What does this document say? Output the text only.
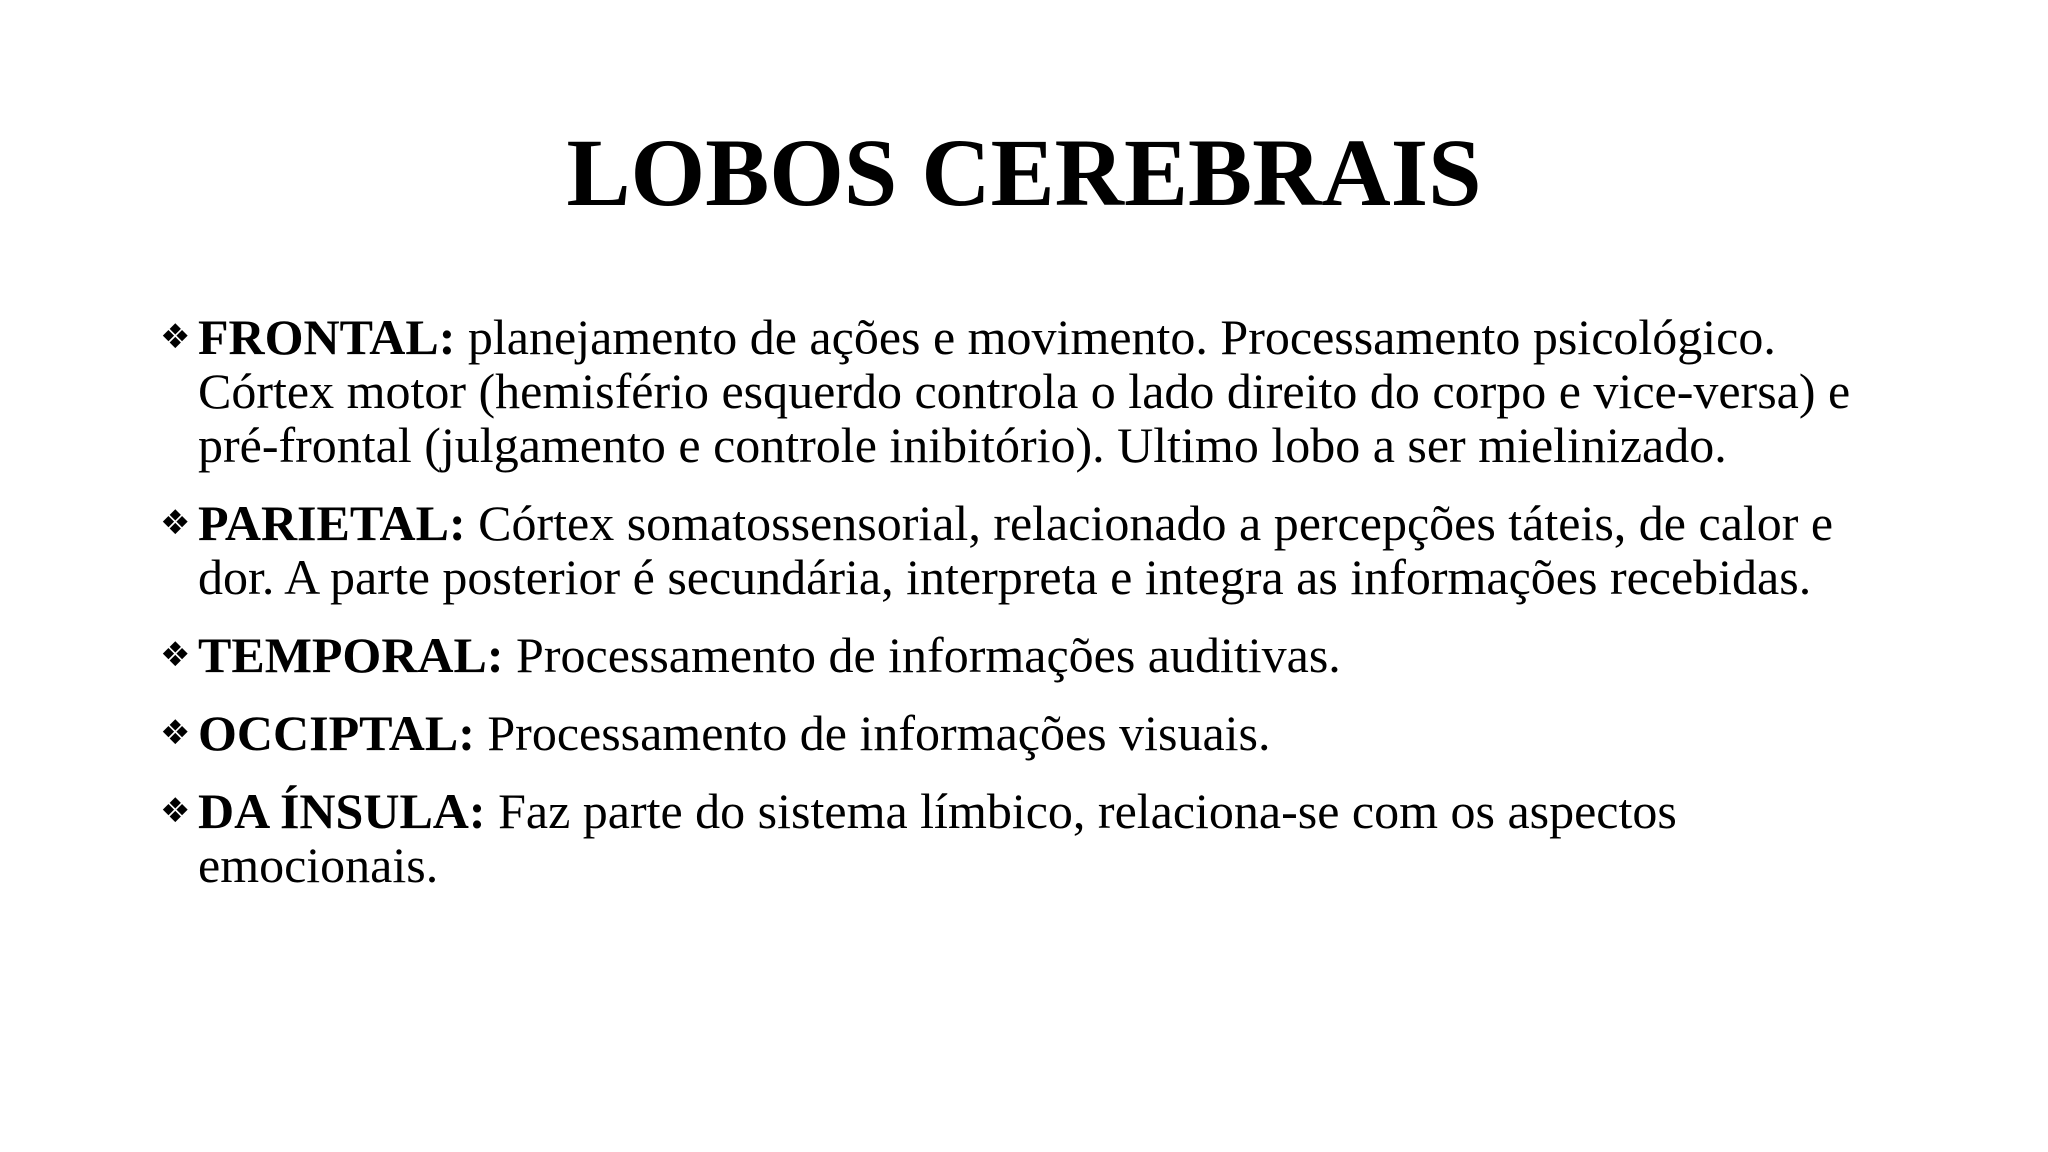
LOBOS CEREBRAIS
❖ FRONTAL: planejamento de ações e movimento. Processamento psicológico. Córtex motor (hemisfério esquerdo controla o lado direito do corpo e vice-versa) e pré-frontal (julgamento e controle inibitório). Ultimo lobo a ser mielinizado.
❖ PARIETAL: Córtex somatossensorial, relacionado a percepções táteis, de calor e dor. A parte posterior é secundária, interpreta e integra as informações recebidas.
❖ TEMPORAL: Processamento de informações auditivas.
❖ OCCIPTAL: Processamento de informações visuais.
❖ DA ÍNSULA: Faz parte do sistema límbico, relaciona-se com os aspectos emocionais.
